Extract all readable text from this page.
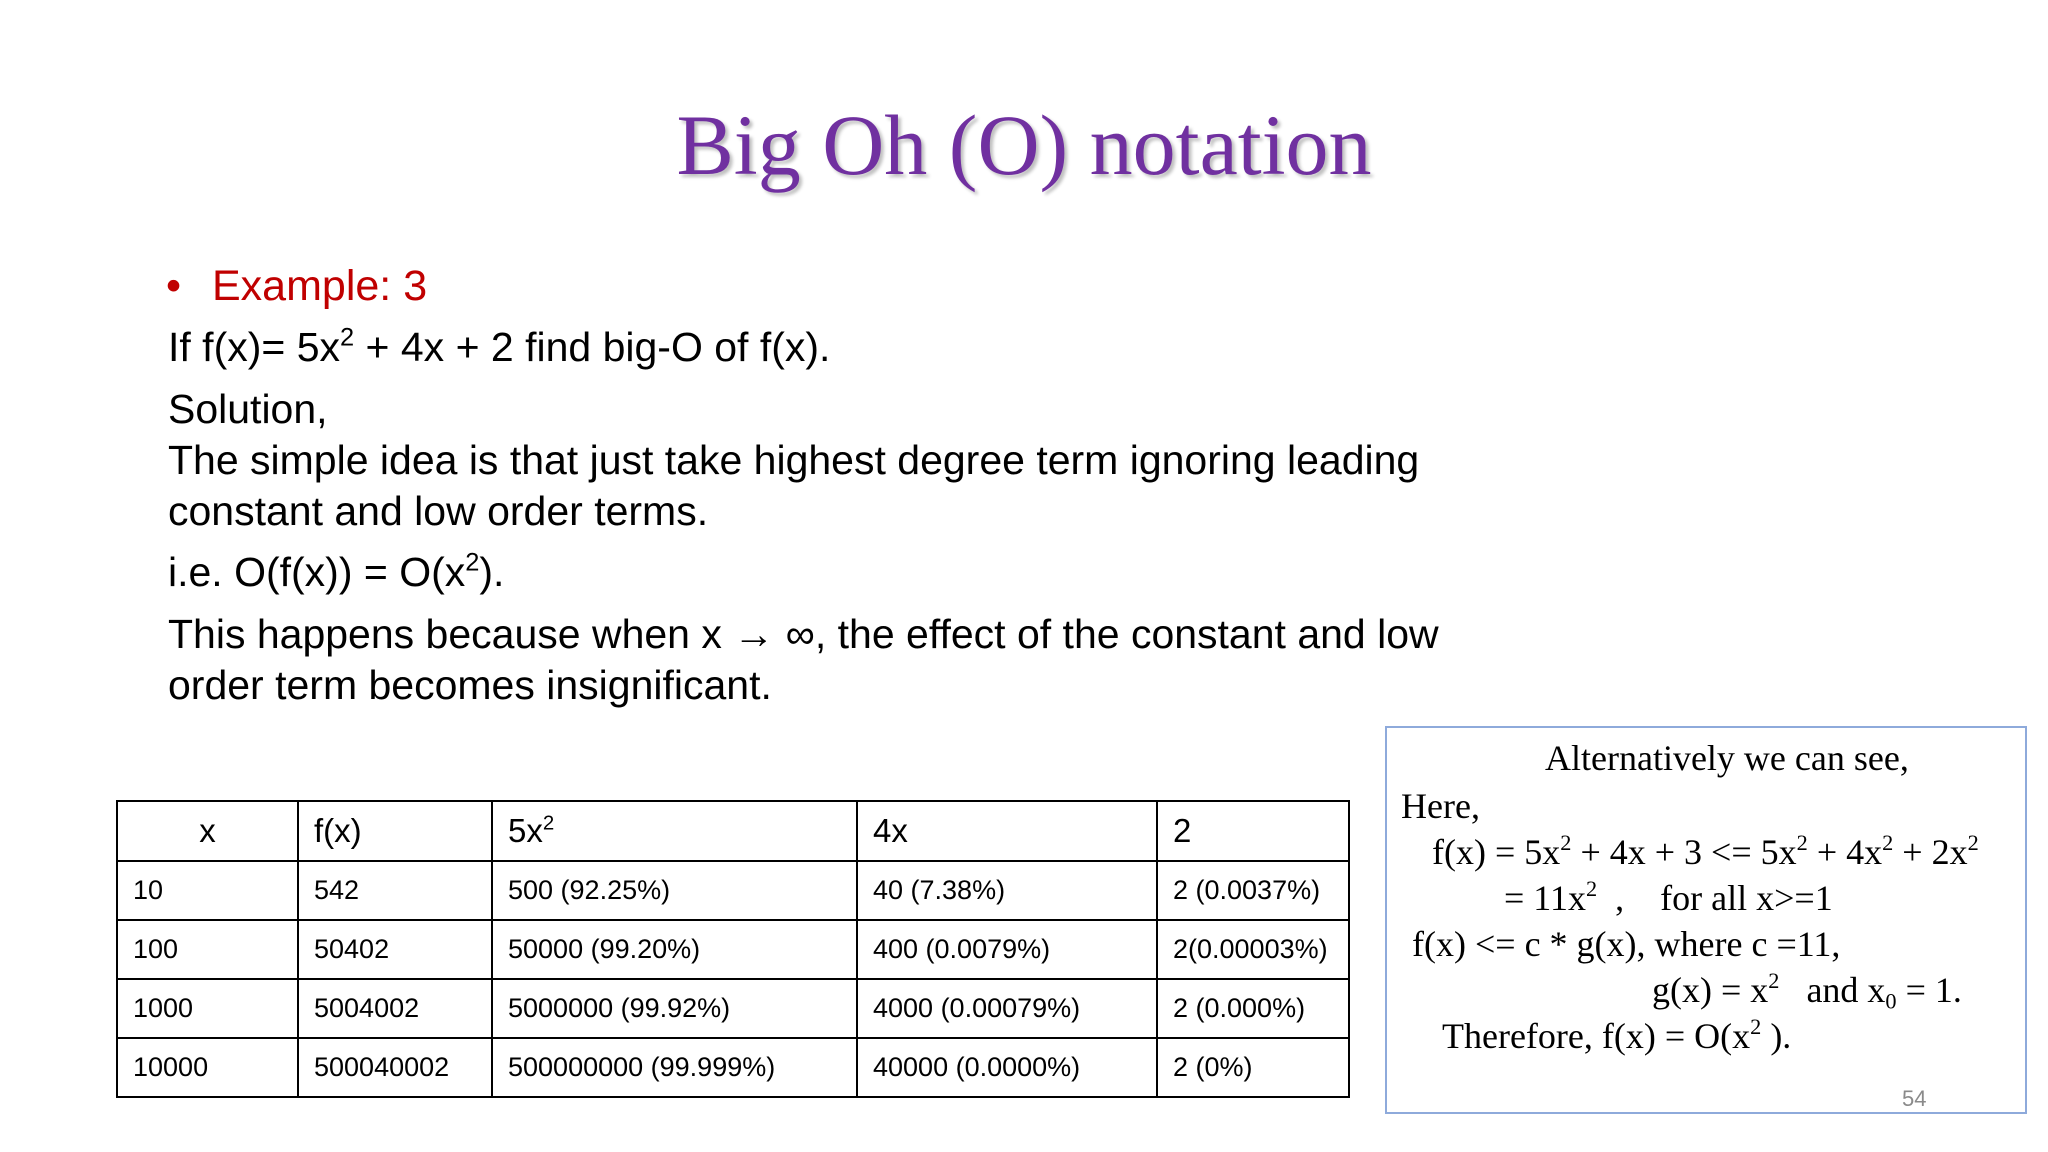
Big Oh (O) notation
• Example: 3
If $f(x)= 5x^2 + 4x + 2$ find big-O of f(x).
Solution,
The simple idea is that just take highest degree term ignoring leading
constant and low order terms.
i.e. $O(f(x)) = O(x^2)$.
This happens because when x → ∞, the effect of the constant and low
order term becomes insignificant.
x	f(x)	$5x^2$	4x	2
10	542	500 (92.25%)	40 (7.38%)	2 (0.0037%)
100	50402	50000 (99.20%)	400 (0.0079%)	2(0.00003%)
1000	5004002	5000000 (99.92%)	4000 (0.00079%)	2 (0.000%)
10000	500040002	500000000 (99.999%)	40000 (0.0000%)	2 (0%)
Alternatively we can see,
Here,
$f(x) = 5x^2 + 4x + 3 <= 5x^2 + 4x^2 + 2x^2$
= $11x^2$  ,    for all x>=1
f(x) <= c * g(x), where c =11,
$g(x) = x^2$   and $x_0 = 1$.
Therefore, $f(x) = O(x^2$ ).
54
